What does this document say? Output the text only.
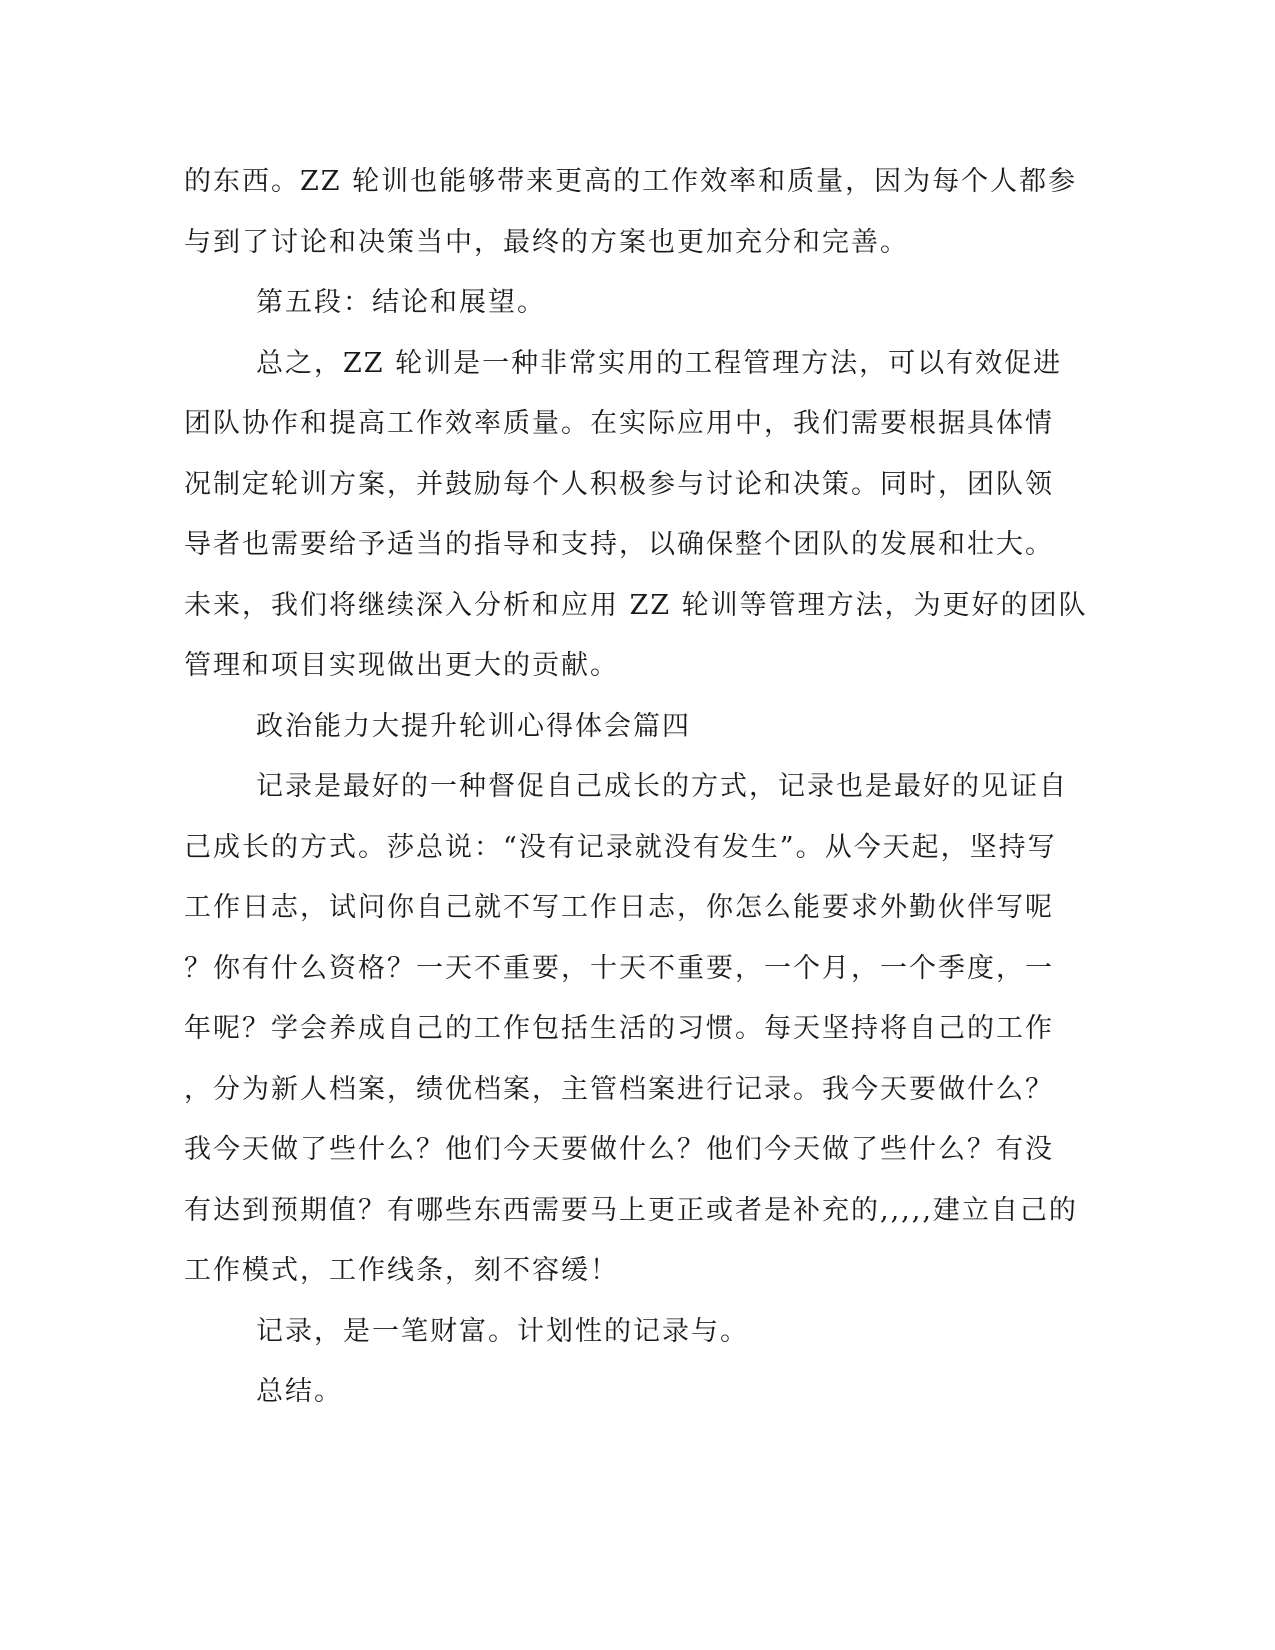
的东西。ZZ 轮训也能够带来更高的工作效率和质量，因为每个人都参
与到了讨论和决策当中，最终的方案也更加充分和完善。
第五段：结论和展望。
总之，ZZ 轮训是一种非常实用的工程管理方法，可以有效促进
团队协作和提高工作效率质量。在实际应用中，我们需要根据具体情
况制定轮训方案，并鼓励每个人积极参与讨论和决策。同时，团队领
导者也需要给予适当的指导和支持，以确保整个团队的发展和壮大。
未来，我们将继续深入分析和应用 ZZ 轮训等管理方法，为更好的团队
管理和项目实现做出更大的贡献。
政治能力大提升轮训心得体会篇四
记录是最好的一种督促自己成长的方式，记录也是最好的见证自
己成长的方式。莎总说：“没有记录就没有发生”。从今天起，坚持写
工作日志，试问你自己就不写工作日志，你怎么能要求外勤伙伴写呢
？你有什么资格？一天不重要，十天不重要，一个月，一个季度，一
年呢？学会养成自己的工作包括生活的习惯。每天坚持将自己的工作
，分为新人档案，绩优档案，主管档案进行记录。我今天要做什么？
我今天做了些什么？他们今天要做什么？他们今天做了些什么？有没
有达到预期值？有哪些东西需要马上更正或者是补充的,,,,,建立自己的
工作模式，工作线条，刻不容缓！
记录，是一笔财富。计划性的记录与。
总结。
